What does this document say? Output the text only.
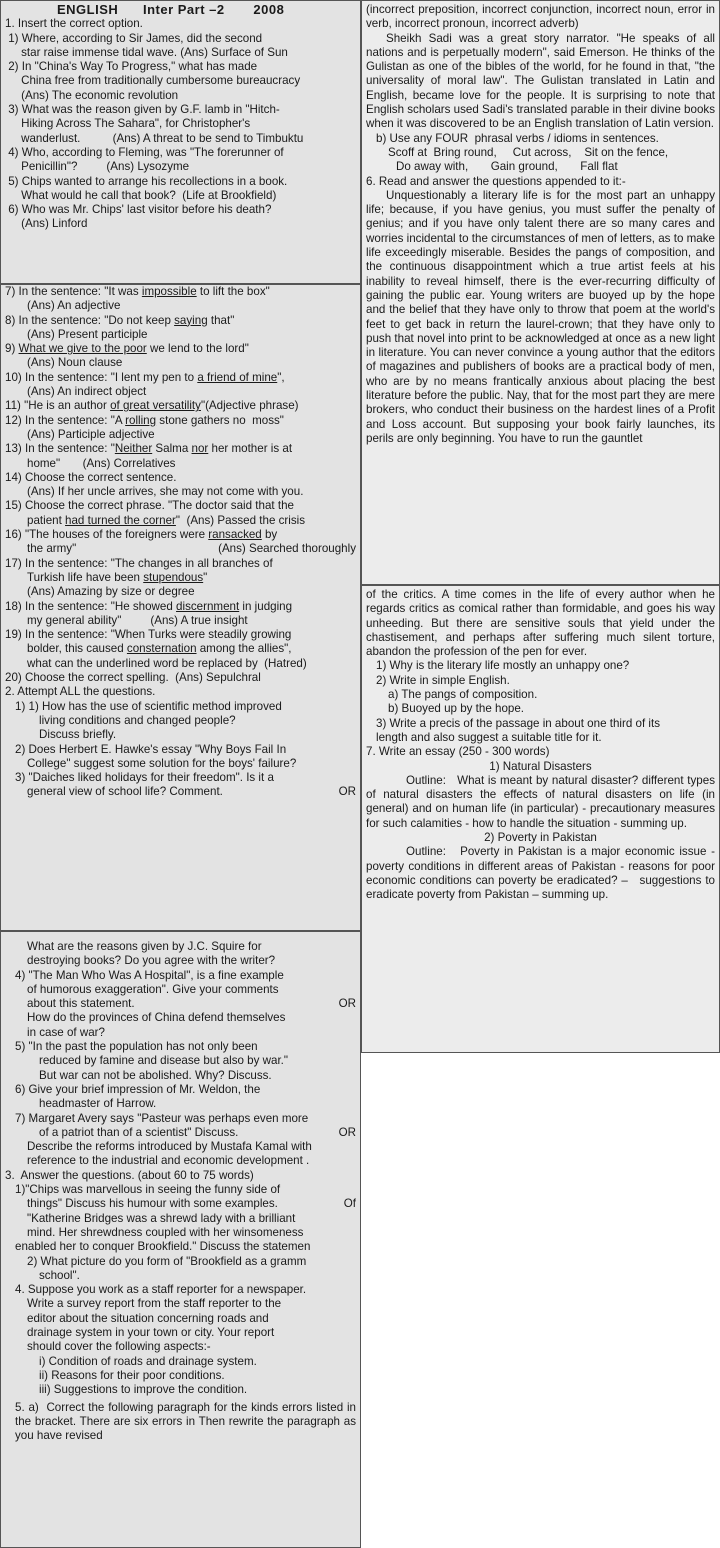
ENGLISH Inter Part –2 2008

1. Insert the correct option.

1) Where, according to Sir James, did the second

star raise immense tidal wave. (Ans) Surface of Sun

2) In "China's Way To Progress," what has made

China free from traditionally cumbersome bureaucracy

(Ans) The economic revolution

3) What was the reason given by G.F. lamb in "Hitch-

Hiking Across The Sahara", for Christopher's

wanderlust.          (Ans) A threat to be send to Timbuktu

4) Who, according to Fleming, was "The forerunner of

Penicillin"?         (Ans) Lysozyme

5) Chips wanted to arrange his recollections in a book.

What would he call that book?  (Life at Brookfield)

6) Who was Mr. Chips' last visitor before his death?

(Ans) Linford

7) In the sentence: "It was impossible to lift the box"

(Ans) An adjective

8) In the sentence: "Do not keep saying that"

(Ans) Present participle

9) What we give to the poor we lend to the lord"

(Ans) Noun clause

10) In the sentence: "I lent my pen to a friend of mine",

(Ans) An indirect object

11) "He is an author of great versatility"(Adjective phrase)

12) In the sentence: "A rolling stone gathers no  moss"

(Ans) Participle adjective

13) In the sentence: "Neither Salma nor her mother is at

home"       (Ans) Correlatives

14) Choose the correct sentence.

(Ans) If her uncle arrives, she may not come with you.

15) Choose the correct phrase. "The doctor said that the

patient had turned the corner"  (Ans) Passed the crisis

16) "The houses of the foreigners were ransacked by

the army"	(Ans) Searched thoroughly

17) In the sentence: "The changes in all branches of

Turkish life have been stupendous"

(Ans) Amazing by size or degree

18) In the sentence: "He showed discernment in judging

my general ability"	(Ans) A true insight

19) In the sentence: "When Turks were steadily growing

bolder, this caused consternation among the allies",

what can the underlined word be replaced by  (Hatred)

20) Choose the correct spelling.  (Ans) Sepulchral

2. Attempt ALL the questions.

1) 1) How has the use of scientific method improved

living conditions and changed people?

Discuss briefly.

2) Does Herbert E. Hawke's essay "Why Boys Fail In

College" suggest some solution for the boys' failure?

3) "Daiches liked holidays for their freedom". Is it a

general view of school life? Comment.	OR

What are the reasons given by J.C. Squire for

destroying books? Do you agree with the writer?

4) "The Man Who Was A Hospital", is a fine example

of humorous exaggeration". Give your comments

about this statement.	OR

How do the provinces of China defend themselves

in case of war?

5) "In the past the population has not only been

reduced by famine and disease but also by war."

But war can not be abolished. Why? Discuss.

6) Give your brief impression of Mr. Weldon, the

headmaster of Harrow.

7) Margaret Avery says "Pasteur was perhaps even more

of a patriot than of a scientist" Discuss.	OR

Describe the reforms introduced by Mustafa Kamal with

reference to the industrial and economic development .

3.  Answer the questions. (about 60 to 75 words)

1)"Chips was marvellous in seeing the funny side of

things" Discuss his humour with some examples.	Of

"Katherine Bridges was a shrewd lady with a brilliant

mind. Her shrewdness coupled with her winsomeness

enabled her to conquer Brookfield." Discuss the statemen

2) What picture do you form of "Brookfield as a gramm

school".

4. Suppose you work as a staff reporter for a newspaper.

Write a survey report from the staff reporter to the

editor about the situation concerning roads and

drainage system in your town or city. Your report

should cover the following aspects:-

i) Condition of roads and drainage system.

ii) Reasons for their poor conditions.

iii) Suggestions to improve the condition.

5. a)  Correct the following paragraph for the kinds errors listed in the bracket. There are six errors in Then rewrite the paragraph as you have revised

(incorrect preposition, incorrect conjunction, incorrect noun, error in verb, incorrect pronoun, incorrect adverb)

Sheikh Sadi was a great story narrator. "He speaks of all nations and is perpetually modern", said Emerson. He thinks of the Gulistan as one of the bibles of the world, for he found in that, "the universality of moral law". The Gulistan translated in Latin and English, became love for the people. It is surprising to note that English scholars used Sadi's translated parable in their divine books when it was discovered to be an English translation of Latin version.

b) Use any FOUR  phrasal verbs / idioms in sentences.

Scoff at  Bring round,     Cut across,    Sit on the fence,

Do away with,       Gain ground,       Fall flat

6. Read and answer the questions appended to it:-

Unquestionably a literary life is for the most part an unhappy life; because, if you have genius, you must suffer the penalty of genius; and if you have only talent there are so many cares and worries incidental to the circumstances of men of letters, as to make life exceedingly miserable. Besides the pangs of composition, and the continuous disappointment which a true artist feels at his inability to reveal himself, there is the ever-recurring difficulty of gaining the public ear. Young writers are buoyed up by the hope and the belief that they have only to throw that poem at the world's feet to get back in return the laurel-crown; that they have only to push that novel into print to be acknowledged at once as a new light in literature. You can never convince a young author that the editors of magazines and publishers of books are a practical body of men, who are by no means frantically anxious about placing the best literature before the public. Nay, that for the most part they are mere brokers, who conduct their business on the hardest lines of a Profit and Loss account. But supposing your book fairly launches, its perils are only beginning. You have to run the gauntlet

of the critics. A time comes in the life of every author when he regards critics as comical rather than formidable, and goes his way unheeding. But there are sensitive souls that yield under the chastisement, and perhaps after suffering much silent torture, abandon the profession of the pen for ever.

1) Why is the literary life mostly an unhappy one?

2) Write in simple English.

a) The pangs of composition.

b) Buoyed up by the hope.

3) Write a precis of the passage in about one third of its length and also suggest a suitable title for it.

7. Write an essay (250 - 300 words)

1) Natural Disasters

Outline:   What is meant by natural disaster? different types of natural disasters the effects of natural disasters on life (in general) and on human life (in particular) - precautionary measures for such calamities - how to handle the situation - summing up.

2) Poverty in Pakistan

Outline:   Poverty in Pakistan is a major economic issue - poverty conditions in different areas of Pakistan - reasons for poor economic conditions can poverty be eradicated? –   suggestions to eradicate poverty from Pakistan – summing up.
